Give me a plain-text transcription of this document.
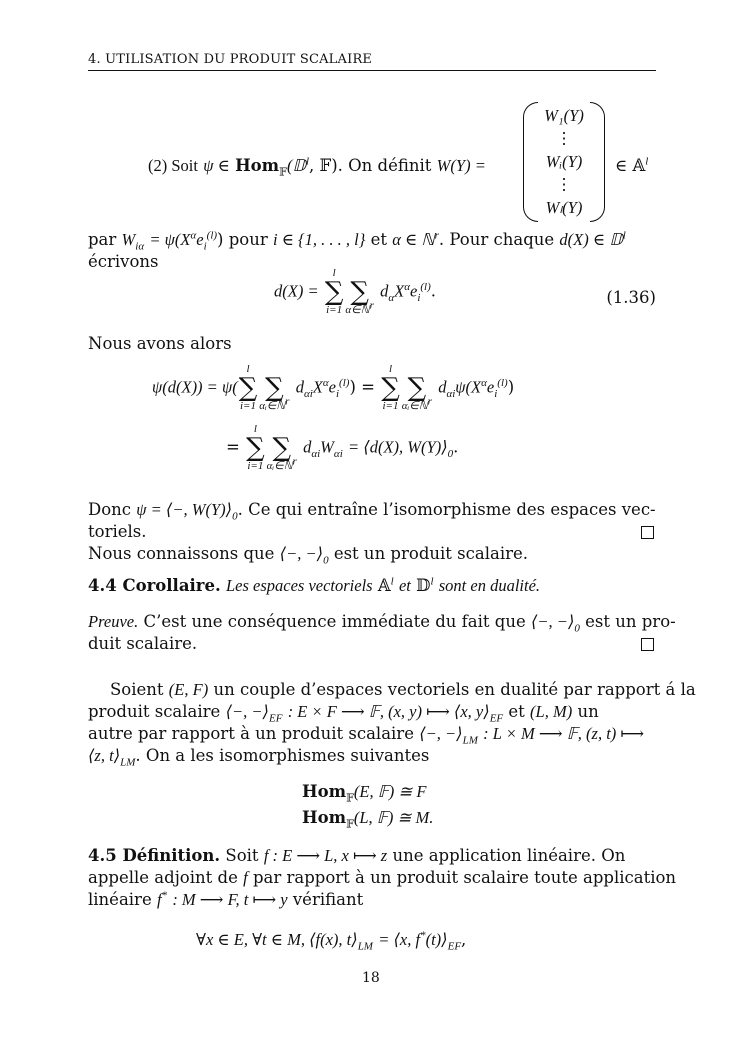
4. UTILISATION DU PRODUIT SCALAIRE
(2) Soit ψ ∈ Hom$_𝔽$(𝔻$^l$, 𝔽). On définit W(Y) =
W₁(Y)
⋮
Wᵢ(Y)
⋮
Wₗ(Y)
∈ 𝔸$^l$
par $W_{i\alpha} = \psi(X^\alpha e_i^{(l)})$ pour i ∈ {1, . . . , l} et α ∈ ℕ$^r$. Pour chaque d(X) ∈ 𝔻$^l$
écrivons
d(X) =
l
∑
i=1

∑
α∈ℕ$^r$
$d_\alpha X^\alpha e_i^{(l)}$.	(1.36)
Nous avons alors
ψ(d(X)) = ψ(
l
∑
i=1

∑
αᵢ∈ℕ$^r$
$d_{\alpha i}X^\alpha e_i^{(l)}$) =
l
∑
i=1

∑
αᵢ∈ℕ$^r$
$d_{\alpha i}\psi(X^\alpha e_i^{(l)})$
=
l
∑
i=1

∑
αᵢ∈ℕ$^r$
$d_{\alpha i}W_{\alpha i}$ = ⟨d(X), $W(Y)⟩_0$.
Donc ψ = ⟨−, $W(Y)⟩_0$. Ce qui entraîne l’isomorphisme des espaces vec-
toriels.
Nous connaissons que ⟨−, $-⟩_0$ est un produit scalaire.
4.4 Corollaire. Les espaces vectoriels 𝔸$^l$ et 𝔻$^l$ sont en dualité.
Preuve. C’est une conséquence immédiate du fait que ⟨−, $-⟩_0$ est un pro-
duit scalaire.
Soient (E, F) un couple d’espaces vectoriels en dualité par rapport á la
produit scalaire ⟨−, $-⟩_{EF}$ : E × F ⟶ 𝔽, (x, y) ⟼ ⟨x, $y⟩_{EF}$ et (L, M) un
autre par rapport à un produit scalaire ⟨−, $-⟩_{LM}$ : L × M ⟶ 𝔽, (z, t) ⟼
⟨z, $t⟩_{LM}$. On a les isomorphismes suivantes
Hom$_𝔽$(E, 𝔽) ≅ F
Hom$_𝔽$(L, 𝔽) ≅ M.
4.5 Définition. Soit f : E ⟶ L, x ⟼ z une application linéaire. On
appelle adjoint de f par rapport à un produit scalaire toute application
linéaire f* : M ⟶ F, t ⟼ y vérifiant
∀x ∈ E, ∀t ∈ M, ⟨f(x), $t⟩_{LM}$ = ⟨x, $f^*(t)⟩_{EF}$,
18
